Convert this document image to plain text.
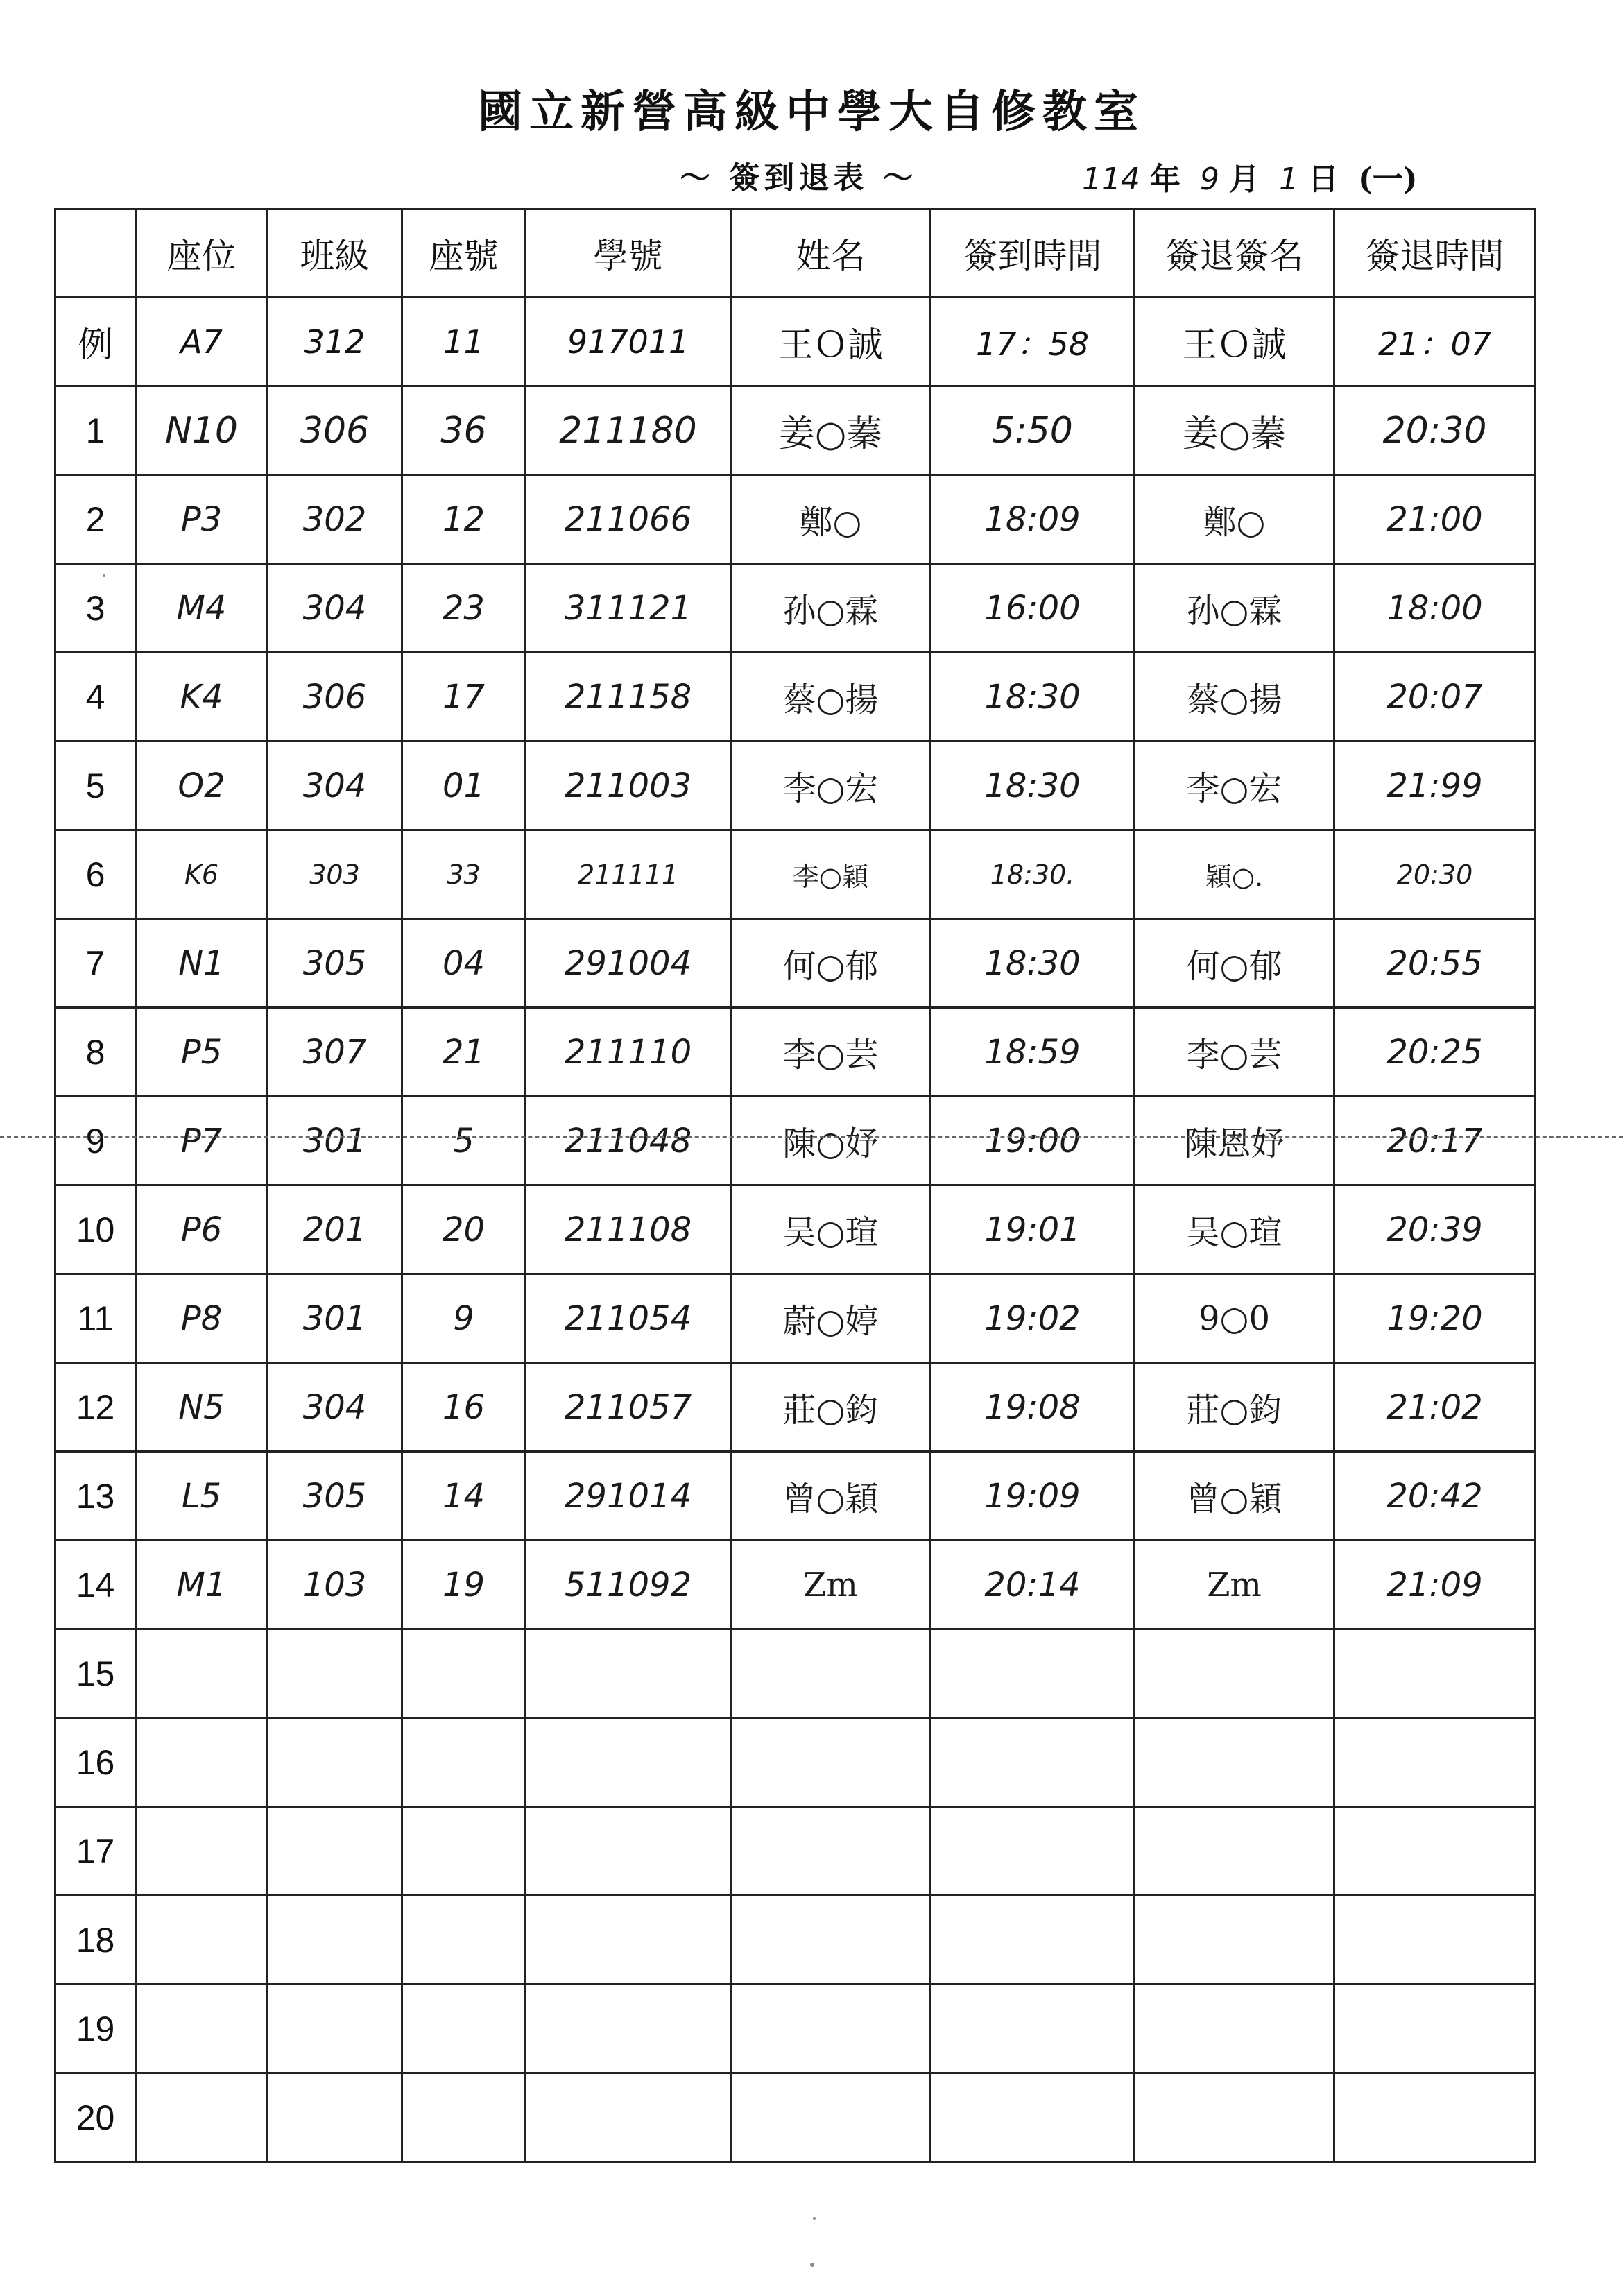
國立新營高級中學大自修教室
～ 簽到退表 ～	114 年 9 月 1 日 (一)
	座位	班級	座號	學號	姓名	簽到時間	簽退簽名	簽退時間
例	A7	312	11	917011	王Ｏ誠	17：58	王Ｏ誠	21：07
1	N10	306	36	211180	姜○蓁	5:50	姜○蓁	20:30
2	P3	302	12	211066	鄭○	18:09	鄭○	21:00
3	M4	304	23	311121	孙○霖	16:00	孙○霖	18:00
4	K4	306	17	211158	蔡○揚	18:30	蔡○揚	20:07
5	O2	304	01	211003	李○宏	18:30	李○宏	21:99
6	K6	303	33	211111	李○穎	18:30.	穎○.	20:30
7	N1	305	04	291004	何○郁	18:30	何○郁	20:55
8	P5	307	21	211110	李○芸	18:59	李○芸	20:25
9	P7	301	5	211048	陳○妤	19:00	陳恩妤	20:17
10	P6	201	20	211108	吴○瑄	19:01	吴○瑄	20:39
11	P8	301	9	211054	蔚○婷	19:02	9○0	19:20
12	N5	304	16	211057	莊○鈞	19:08	莊○鈞	21:02
13	L5	305	14	291014	曾○穎	19:09	曾○穎	20:42
14	M1	103	19	511092	Zm	20:14	Zm	21:09
15								
16								
17								
18								
19								
20								
